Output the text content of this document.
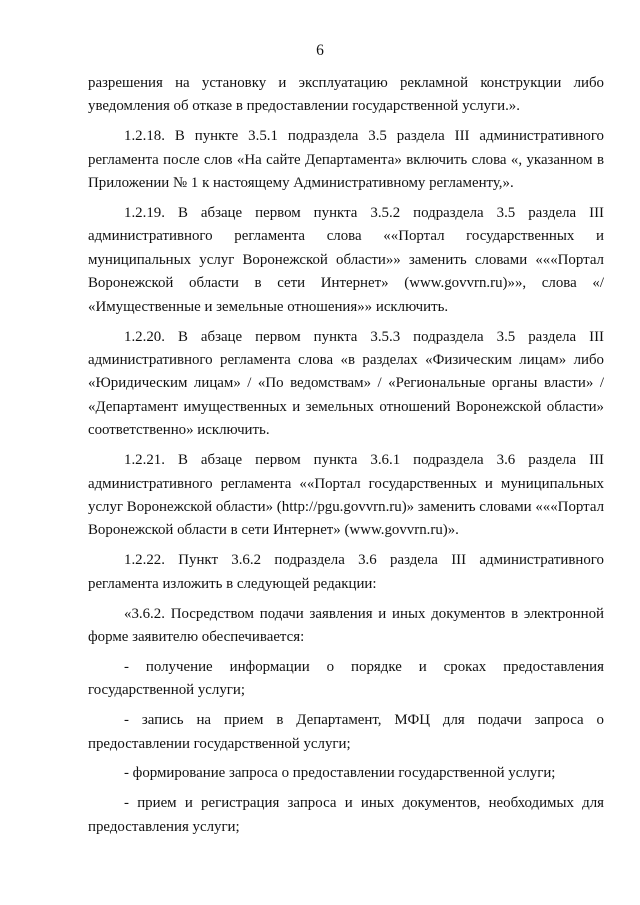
6

разрешения на установку и эксплуатацию рекламной конструкции либо уведомления об отказе в предоставлении государственной услуги.».

1.2.18. В пункте 3.5.1 подраздела 3.5 раздела III административного регламента после слов «На сайте Департамента» включить слова «, указанном в Приложении № 1 к настоящему Административному регламенту,».

1.2.19. В абзаце первом пункта 3.5.2 подраздела 3.5 раздела III административного регламента слова ««Портал государственных и муниципальных услуг Воронежской области»» заменить словами «««Портал Воронежской области в сети Интернет» (www.govvrn.ru)»», слова «/ «Имущественные и земельные отношения»» исключить.

1.2.20. В абзаце первом пункта 3.5.3 подраздела 3.5 раздела III административного регламента слова «в разделах «Физическим лицам» либо «Юридическим лицам» / «По ведомствам» / «Региональные органы власти» / «Департамент имущественных и земельных отношений Воронежской области» соответственно» исключить.

1.2.21. В абзаце первом пункта 3.6.1 подраздела 3.6 раздела III административного регламента ««Портал государственных и муниципальных услуг Воронежской области» (http://pgu.govvrn.ru)» заменить словами «««Портал Воронежской области в сети Интернет» (www.govvrn.ru)».

1.2.22. Пункт 3.6.2 подраздела 3.6 раздела III административного регламента изложить в следующей редакции:

«3.6.2. Посредством подачи заявления и иных документов в электронной форме заявителю обеспечивается:

- получение информации о порядке и сроках предоставления государственной услуги;

- запись на прием в Департамент, МФЦ для подачи запроса о предоставлении государственной услуги;

- формирование запроса о предоставлении государственной услуги;

- прием и регистрация запроса и иных документов, необходимых для предоставления услуги;
